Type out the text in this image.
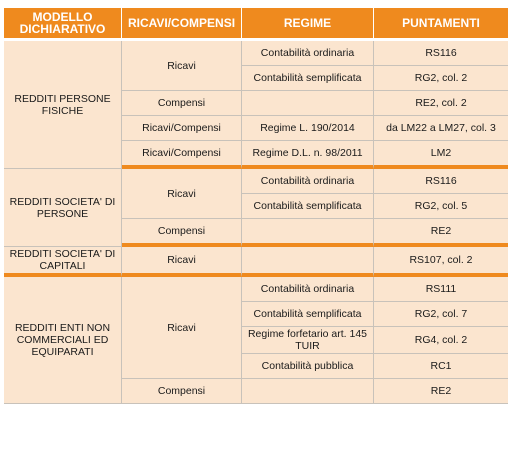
MODELLO DICHIARATIVO	RICAVI/COMPENSI	REGIME	PUNTAMENTI
REDDITI PERSONE FISICHE	Ricavi	Contabilità ordinaria	RS116
		Contabilità semplificata	RG2, col. 2
	Compensi		RE2, col. 2
	Ricavi/Compensi	Regime L. 190/2014	da LM22 a LM27, col. 3
	Ricavi/Compensi	Regime D.L. n. 98/2011	LM2
REDDITI SOCIETA' DI PERSONE	Ricavi	Contabilità ordinaria	RS116
		Contabilità semplificata	RG2, col. 5
	Compensi		RE2
REDDITI SOCIETA' DI CAPITALI	Ricavi		RS107, col. 2
REDDITI ENTI NON COMMERCIALI ED EQUIPARATI	Ricavi	Contabilità ordinaria	RS111
		Contabilità semplificata	RG2, col. 7
		Regime forfetario art. 145 TUIR	RG4, col. 2
		Contabilità pubblica	RC1
	Compensi		RE2
